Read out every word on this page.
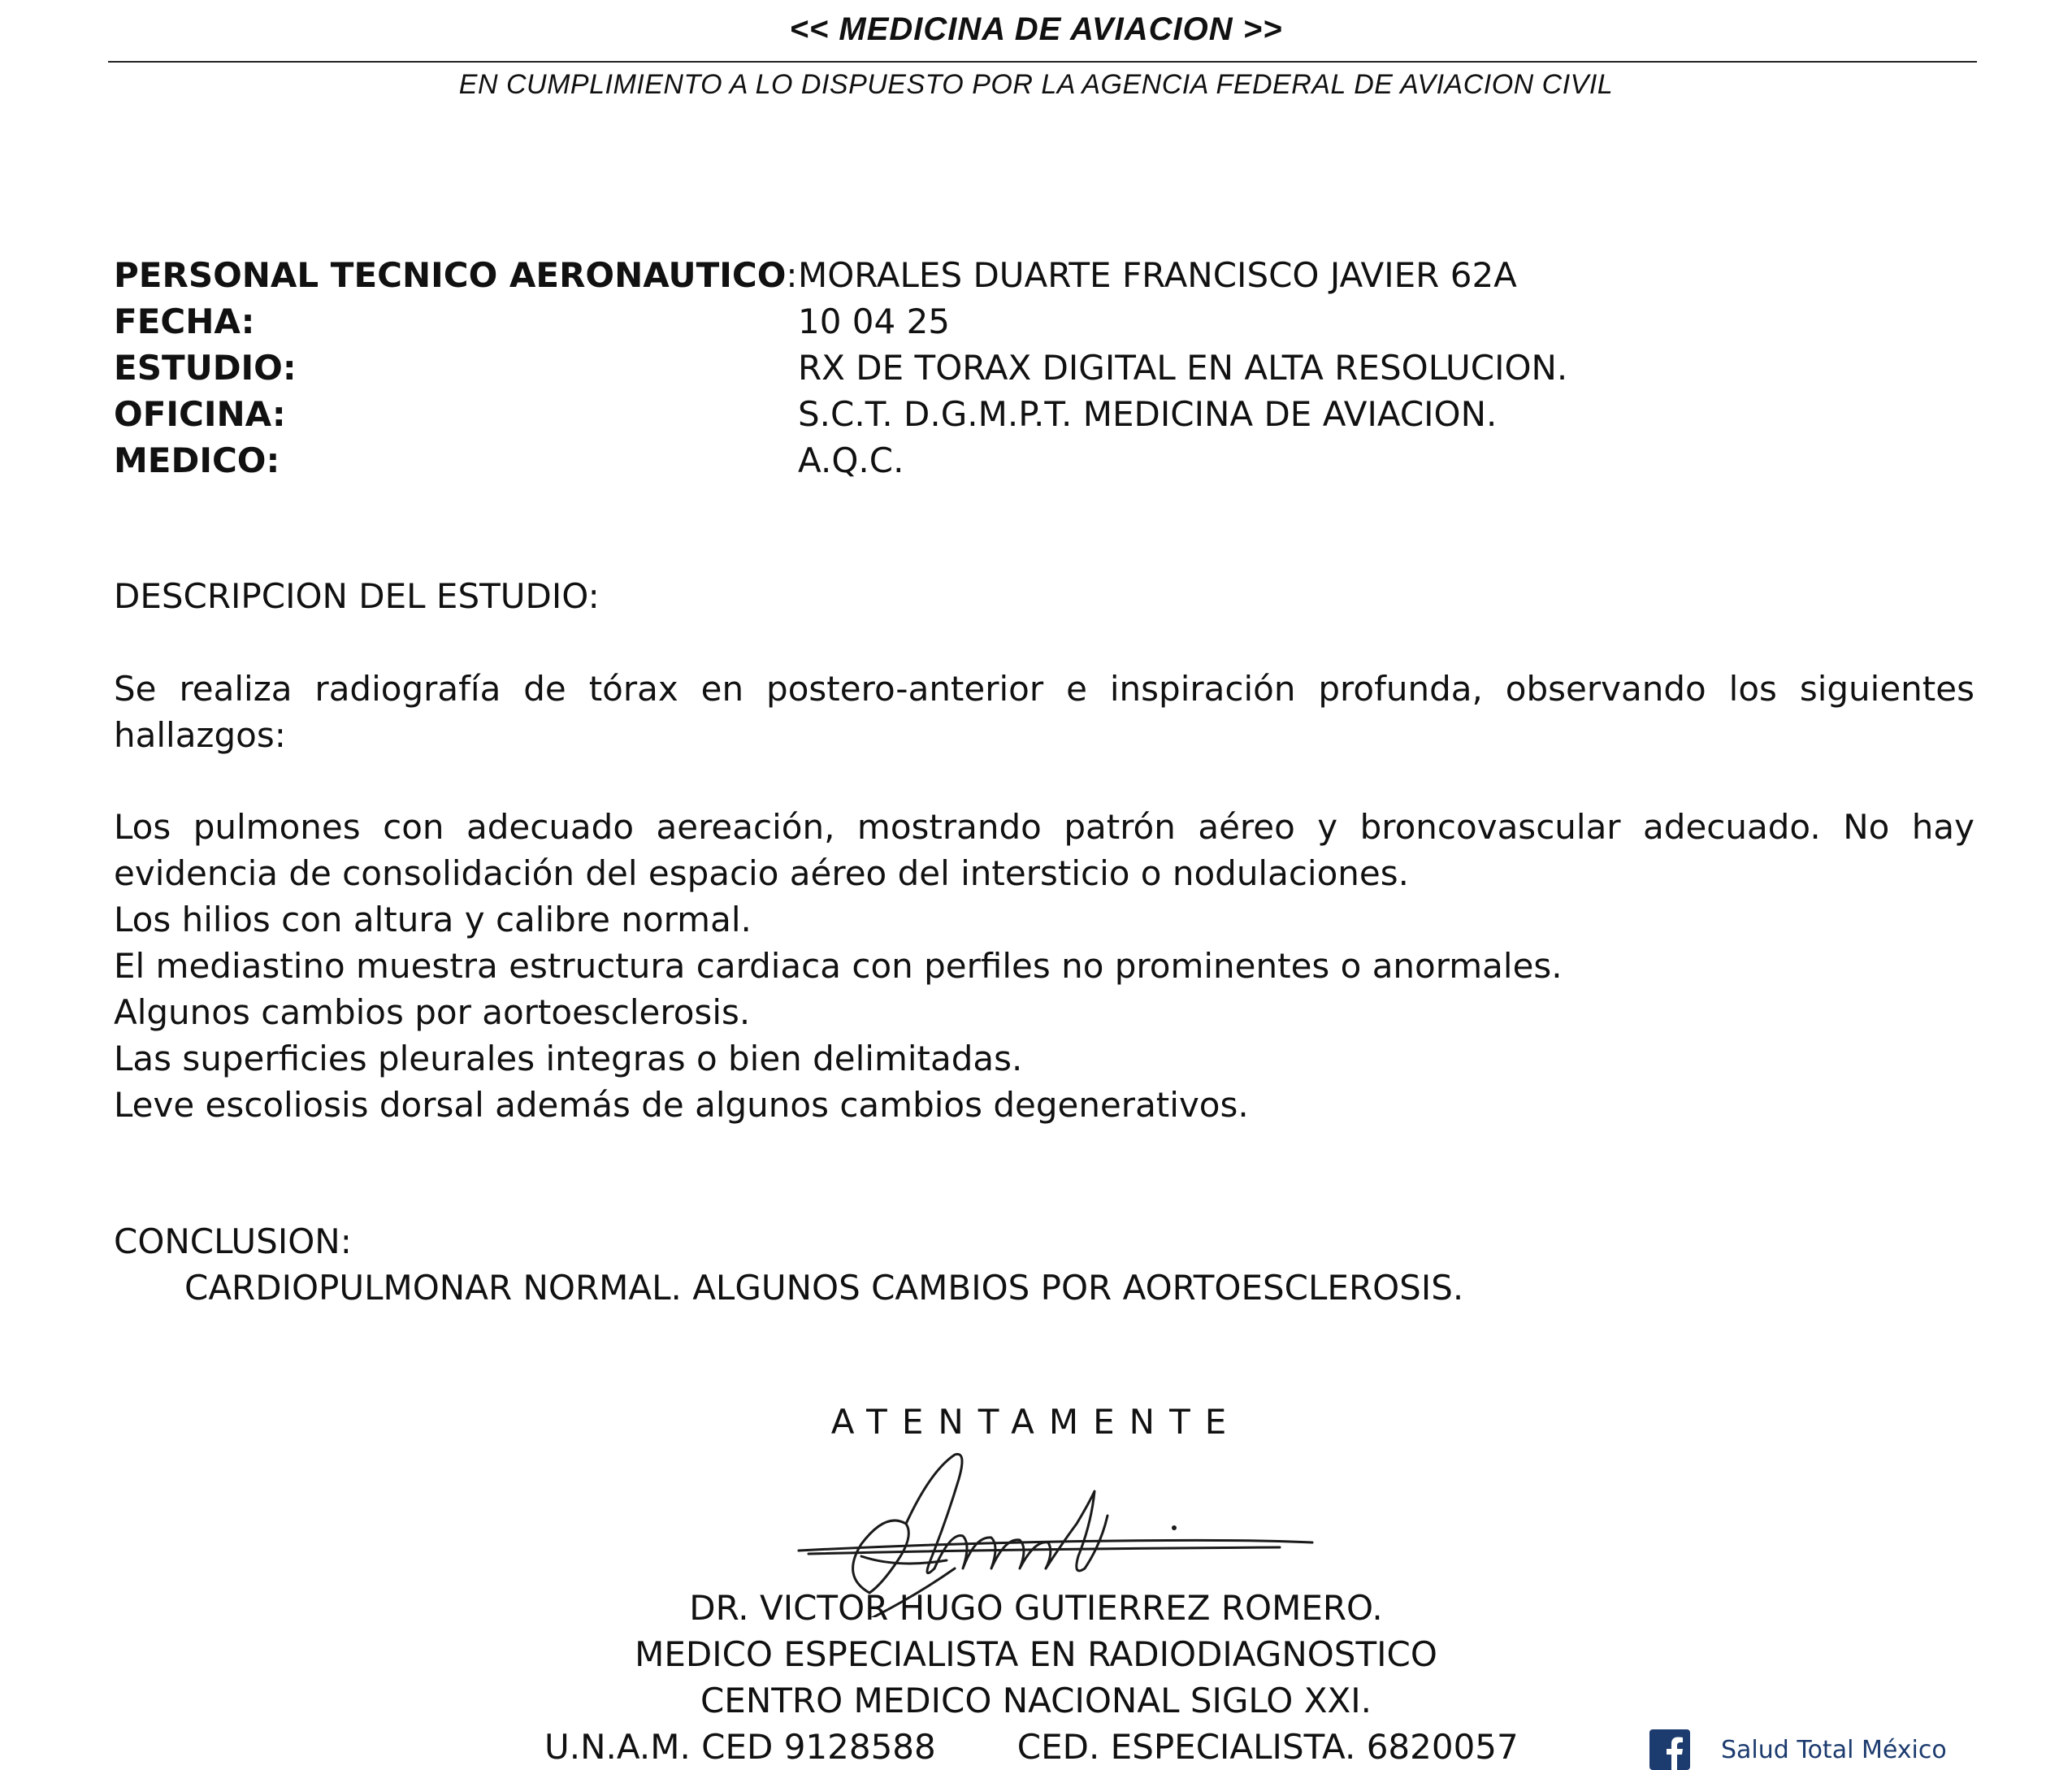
<< MEDICINA DE AVIACION >>
EN CUMPLIMIENTO A LO DISPUESTO POR LA AGENCIA FEDERAL DE AVIACION CIVIL
PERSONAL TECNICO AERONAUTICO: MORALES DUARTE FRANCISCO JAVIER 62A
FECHA:	10 04 25
ESTUDIO:	RX DE TORAX DIGITAL EN ALTA RESOLUCION.
OFICINA:	S.C.T. D.G.M.P.T. MEDICINA DE AVIACION.
MEDICO:	A.Q.C.
DESCRIPCION DEL ESTUDIO:
Se realiza radiografía de tórax en postero-anterior e inspiración profunda, observando los siguientes hallazgos:
Los pulmones con adecuado aereación, mostrando patrón aéreo y broncovascular adecuado. No hay evidencia de consolidación del espacio aéreo del intersticio o nodulaciones.
Los hilios con altura y calibre normal.
El mediastino muestra estructura cardiaca con perfiles no prominentes o anormales.
Algunos cambios por aortoesclerosis.
Las superficies pleurales integras o bien delimitadas.
Leve escoliosis dorsal además de algunos cambios degenerativos.
CONCLUSION:
CARDIOPULMONAR NORMAL. ALGUNOS CAMBIOS POR AORTOESCLEROSIS.
ATENTAMENTE
DR. VICTOR HUGO GUTIERREZ ROMERO.
MEDICO ESPECIALISTA EN RADIODIAGNOSTICO
CENTRO MEDICO NACIONAL SIGLO XXI.
U.N.A.M. CED 9128588 CED. ESPECIALISTA. 6820057	Salud Total México
